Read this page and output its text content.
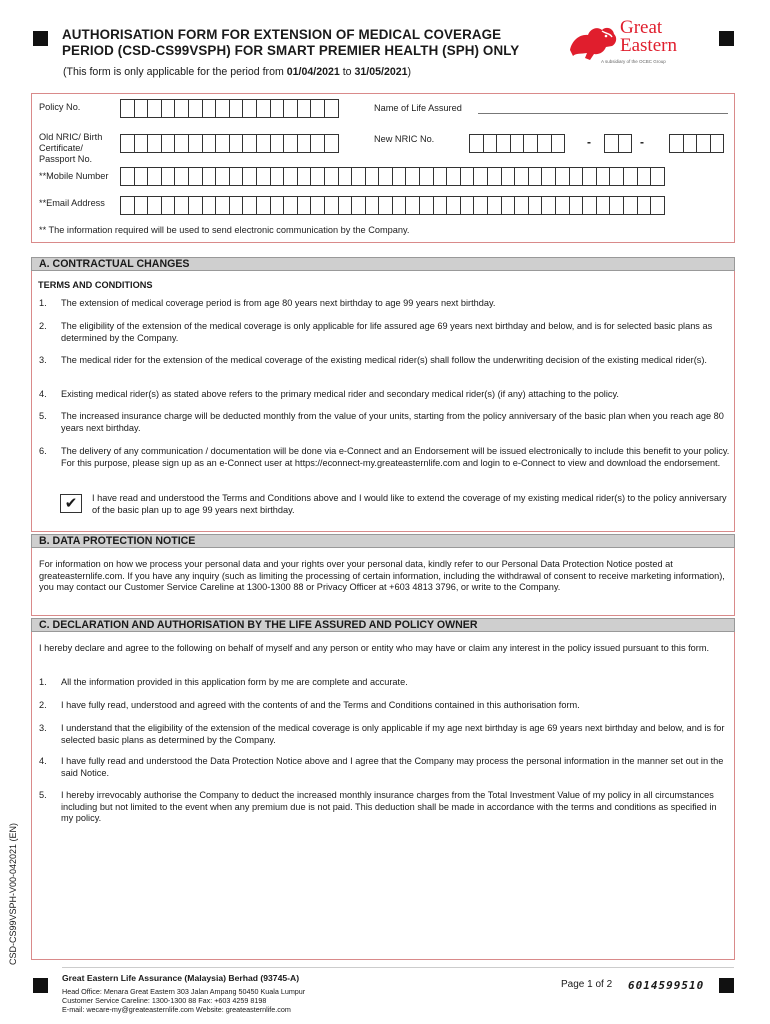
AUTHORISATION FORM FOR EXTENSION OF MEDICAL COVERAGE
PERIOD (CSD-CS99VSPH) FOR SMART PREMIER HEALTH (SPH) ONLY
(This form is only applicable for the period from 01/04/2021 to 31/05/2021)
Great
Eastern
A subsidiary of the OCBC Group
Policy No.	Name of Life Assured
Old NRIC/ Birth Certificate/ Passport No.
New NRIC No.	-	-
**Mobile Number
**Email Address
** The information required will be used to send electronic communication by the Company.
A. CONTRACTUAL CHANGES
TERMS AND CONDITIONS
1. The extension of medical coverage period is from age 80 years next birthday to age 99 years next birthday.
2. The eligibility of the extension of the medical coverage is only applicable for life assured age 69 years next birthday and below, and is for selected basic plans as determined by the Company.
3. The medical rider for the extension of the medical coverage of the existing medical rider(s) shall follow the underwriting decision of the existing medical rider(s).
4. Existing medical rider(s) as stated above refers to the primary medical rider and secondary medical rider(s) (if any) attaching to the policy.
5. The increased insurance charge will be deducted monthly from the value of your units, starting from the policy anniversary of the basic plan when you reach age 80 years next birthday.
6. The delivery of any communication / documentation will be done via e-Connect and an Endorsement will be issued electronically to include this benefit to your policy. For this purpose, please sign up as an e-Connect user at https://econnect-my.greateasternlife.com and login to e-Connect to view and download the endorsement.
✔	I have read and understood the Terms and Conditions above and I would like to extend the coverage of my existing medical rider(s) to the policy anniversary of the basic plan up to age 99 years next birthday.
B. DATA PROTECTION NOTICE
For information on how we process your personal data and your rights over your personal data, kindly refer to our Personal Data Protection Notice posted at greateasternlife.com. If you have any inquiry (such as limiting the processing of certain information, including the withdrawal of consent to receive marketing information), you may contact our Customer Service Careline at 1300-1300 88 or Privacy Officer at +603 4813 3796, or write to the Company.
C. DECLARATION AND AUTHORISATION BY THE LIFE ASSURED AND POLICY OWNER
I hereby declare and agree to the following on behalf of myself and any person or entity who may have or claim any interest in the policy issued pursuant to this form.
1. All the information provided in this application form by me are complete and accurate.
2. I have fully read, understood and agreed with the contents of and the Terms and Conditions contained in this authorisation form.
3. I understand that the eligibility of the extension of the medical coverage is only applicable if my age next birthday is age 69 years next birthday and below, and is for selected basic plans as determined by the Company.
4. I have fully read and understood the Data Protection Notice above and I agree that the Company may process the personal information in the manner set out in the said Notice.
5. I hereby irrevocably authorise the Company to deduct the increased monthly insurance charges from the Total Investment Value of my policy in all circumstances including but not limited to the event when any premium due is not paid. This deduction shall be made in accordance with the terms and conditions as specified in my policy.
CSD-CS99VSPH-V00-042021 (EN)
Great Eastern Life Assurance (Malaysia) Berhad (93745-A)
Head Office: Menara Great Eastern 303 Jalan Ampang 50450 Kuala Lumpur
Customer Service Careline: 1300-1300 88 Fax: +603 4259 8198
E-mail: wecare-my@greateasternlife.com Website: greateasternlife.com
Page 1 of 2 6014599510
